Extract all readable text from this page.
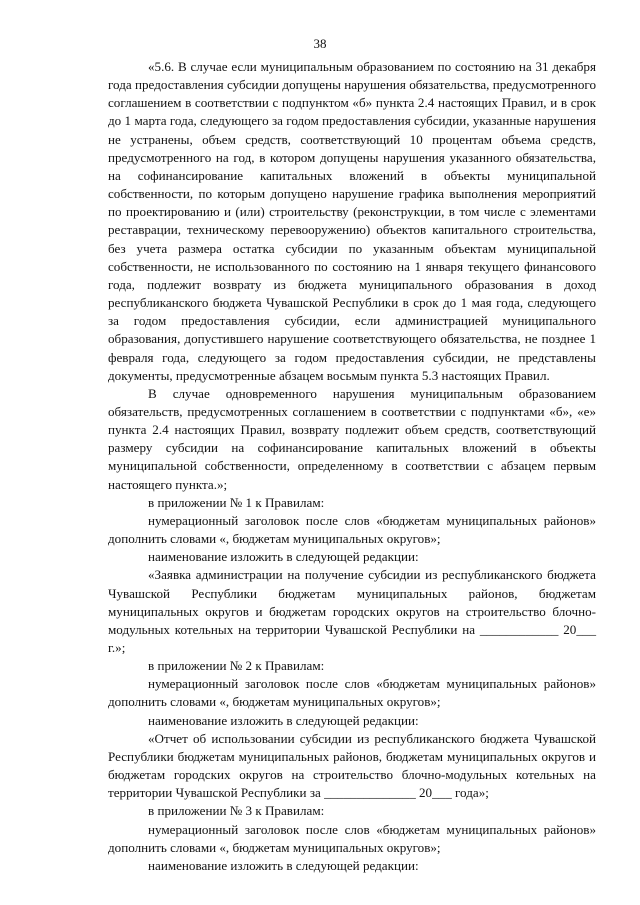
38

«5.6. В случае если муниципальным образованием по состоянию на 31 декабря года предоставления субсидии допущены нарушения обязательства, предусмотренного соглашением в соответствии с подпунктом «б» пункта 2.4 настоящих Правил, и в срок до 1 марта года, следующего за годом предоставления субсидии, указанные нарушения не устранены, объем средств, соответствующий 10 процентам объема средств, предусмотренного на год, в котором допущены нарушения указанного обязательства, на софинансирование капитальных вложений в объекты муниципальной собственности, по которым допущено нарушение графика выполнения мероприятий по проектированию и (или) строительству (реконструкции, в том числе с элементами реставрации, техническому перевооружению) объектов капитального строительства, без учета размера остатка субсидии по указанным объектам муниципальной собственности, не использованного по состоянию на 1 января текущего финансового года, подлежит возврату из бюджета муниципального образования в доход республиканского бюджета Чувашской Республики в срок до 1 мая года, следующего за годом предоставления субсидии, если администрацией муниципального образования, допустившего нарушение соответствующего обязательства, не позднее 1 февраля года, следующего за годом предоставления субсидии, не представлены документы, предусмотренные абзацем восьмым пункта 5.3 настоящих Правил.

В случае одновременного нарушения муниципальным образованием обязательств, предусмотренных соглашением в соответствии с подпунктами «б», «е» пункта 2.4 настоящих Правил, возврату подлежит объем средств, соответствующий размеру субсидии на софинансирование капитальных вложений в объекты муниципальной собственности, определенному в соответствии с абзацем первым настоящего пункта.»;

в приложении № 1 к Правилам:

нумерационный заголовок после слов «бюджетам муниципальных районов» дополнить словами «, бюджетам муниципальных округов»;

наименование изложить в следующей редакции:

«Заявка администрации на получение субсидии из республиканского бюджета Чувашской Республики бюджетам муниципальных районов, бюджетам муниципальных округов и бюджетам городских округов на строительство блочно-модульных котельных на территории Чувашской Республики на ____________ 20___ г.»;

в приложении № 2 к Правилам:

нумерационный заголовок после слов «бюджетам муниципальных районов» дополнить словами «, бюджетам муниципальных округов»;

наименование изложить в следующей редакции:

«Отчет об использовании субсидии из республиканского бюджета Чувашской Республики бюджетам муниципальных районов, бюджетам муниципальных округов и бюджетам городских округов на строительство блочно-модульных котельных на территории Чувашской Республики за ______________ 20___ года»;

в приложении № 3 к Правилам:

нумерационный заголовок после слов «бюджетам муниципальных районов» дополнить словами «, бюджетам муниципальных округов»;

наименование изложить в следующей редакции:
